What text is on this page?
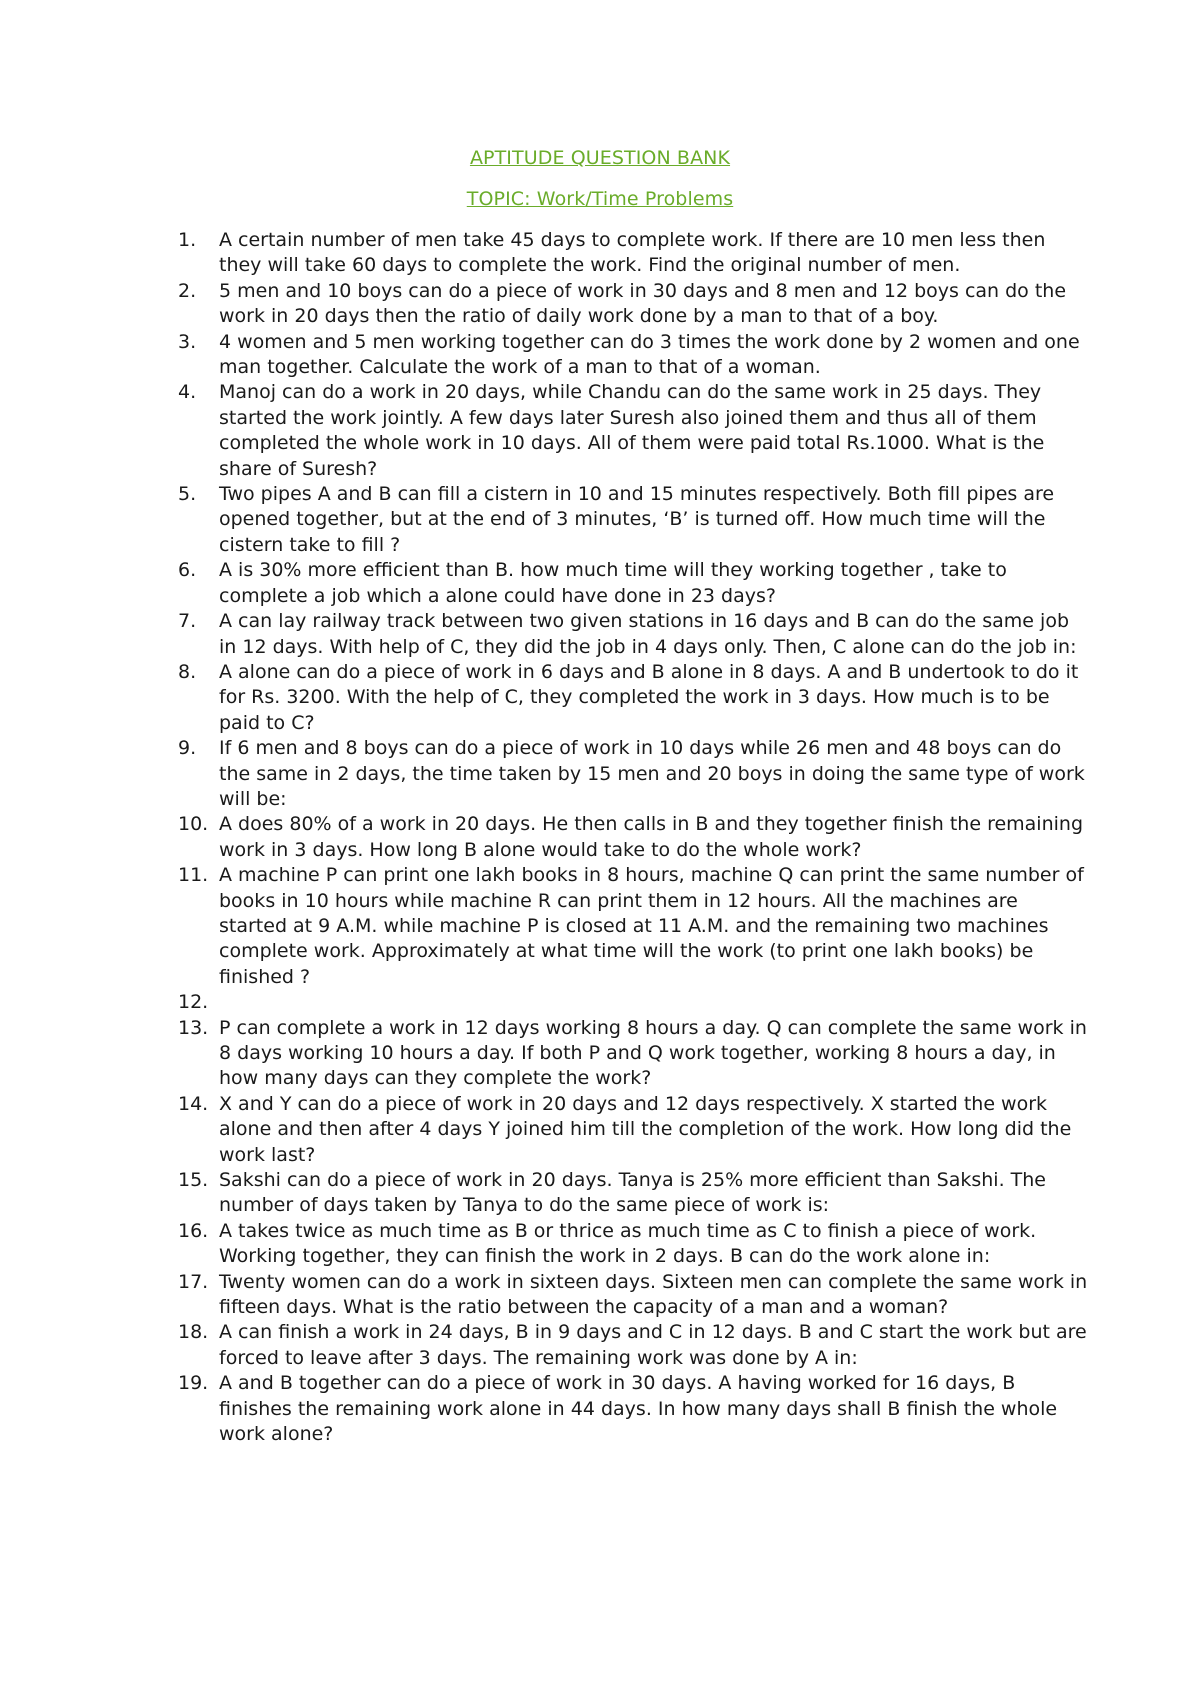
APTITUDE QUESTION BANK
TOPIC: Work/Time Problems
1.	A certain number of men take 45 days to complete work. If there are 10 men less then they will take 60 days to complete the work. Find the original number of men.
2.	5 men and 10 boys can do a piece of work in 30 days and 8 men and 12 boys can do the work in 20 days then the ratio of daily work done by a man to that of a boy.
3.	4 women and 5 men working together can do 3 times the work done by 2 women and one man together. Calculate the work of a man to that of a woman.
4.	Manoj can do a work in 20 days, while Chandu can do the same work in 25 days. They started the work jointly. A few days later Suresh also joined them and thus all of them completed the whole work in 10 days. All of them were paid total Rs.1000. What is the share of Suresh?
5.	Two pipes A and B can fill a cistern in 10 and 15 minutes respectively. Both fill pipes are opened together, but at the end of 3 minutes, ‘B’ is turned off. How much time will the cistern take to fill ?
6.	A is 30% more efficient than B. how much time will they working together , take to complete a job which a alone could have done in 23 days?
7.	A can lay railway track between two given stations in 16 days and B can do the same job in 12 days. With help of C, they did the job in 4 days only. Then, C alone can do the job in:
8.	A alone can do a piece of work in 6 days and B alone in 8 days. A and B undertook to do it for Rs. 3200. With the help of C, they completed the work in 3 days. How much is to be paid to C?
9.	If 6 men and 8 boys can do a piece of work in 10 days while 26 men and 48 boys can do the same in 2 days, the time taken by 15 men and 20 boys in doing the same type of work will be:
10. A does 80% of a work in 20 days. He then calls in B and they together finish the remaining work in 3 days. How long B alone would take to do the whole work?
11. A machine P can print one lakh books in 8 hours, machine Q can print the same number of books in 10 hours while machine R can print them in 12 hours. All the machines are started at 9 A.M. while machine P is closed at 11 A.M. and the remaining two machines complete work. Approximately at what time will the work (to print one lakh books) be finished ?
12.
13. P can complete a work in 12 days working 8 hours a day. Q can complete the same work in 8 days working 10 hours a day. If both P and Q work together, working 8 hours a day, in how many days can they complete the work?
14. X and Y can do a piece of work in 20 days and 12 days respectively. X started the work alone and then after 4 days Y joined him till the completion of the work. How long did the work last?
15. Sakshi can do a piece of work in 20 days. Tanya is 25% more efficient than Sakshi. The number of days taken by Tanya to do the same piece of work is:
16. A takes twice as much time as B or thrice as much time as C to finish a piece of work. Working together, they can finish the work in 2 days. B can do the work alone in:
17. Twenty women can do a work in sixteen days. Sixteen men can complete the same work in fifteen days. What is the ratio between the capacity of a man and a woman?
18. A can finish a work in 24 days, B in 9 days and C in 12 days. B and C start the work but are forced to leave after 3 days. The remaining work was done by A in:
19. A and B together can do a piece of work in 30 days. A having worked for 16 days, B finishes the remaining work alone in 44 days. In how many days shall B finish the whole work alone?
